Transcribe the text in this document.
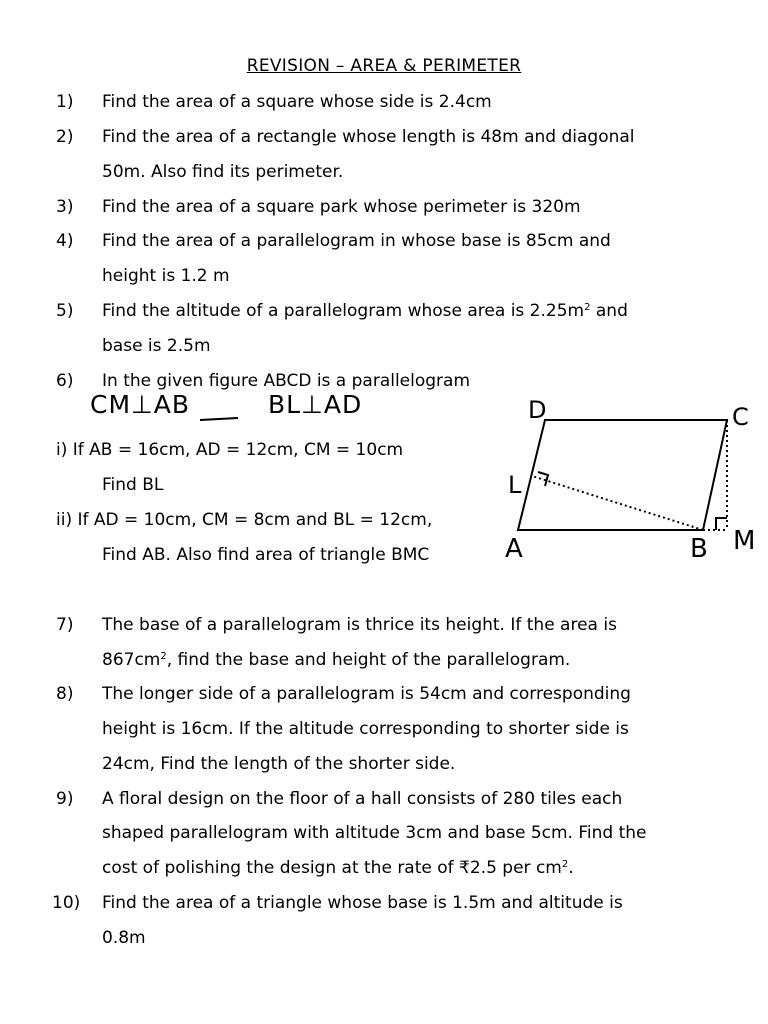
REVISION – AREA & PERIMETER
1) Find the area of a square whose side is 2.4cm
2) Find the area of a rectangle whose length is 48m and diagonal
50m. Also find its perimeter.
3) Find the area of a square park whose perimeter is 320m
4) Find the area of a parallelogram in whose base is 85cm and
height is 1.2 m
5) Find the altitude of a parallelogram whose area is $2.25m^2$ and
base is 2.5m
6) In the given figure ABCD is a parallelogram
CM⊥AB	BL⊥AD
i) If AB = 16cm, AD = 12cm, CM = 10cm
Find BL
ii) If AD = 10cm, CM = 8cm and BL = 12cm,
Find AB. Also find area of triangle BMC
D	C
L
A	B M
7) The base of a parallelogram is thrice its height. If the area is
$867cm^2$, find the base and height of the parallelogram.
8) The longer side of a parallelogram is 54cm and corresponding
height is 16cm. If the altitude corresponding to shorter side is
24cm, Find the length of the shorter side.
9) A floral design on the floor of a hall consists of 280 tiles each
shaped parallelogram with altitude 3cm and base 5cm. Find the
cost of polishing the design at the rate of ₹2.5 per $cm^2$.
10) Find the area of a triangle whose base is 1.5m and altitude is
0.8m
